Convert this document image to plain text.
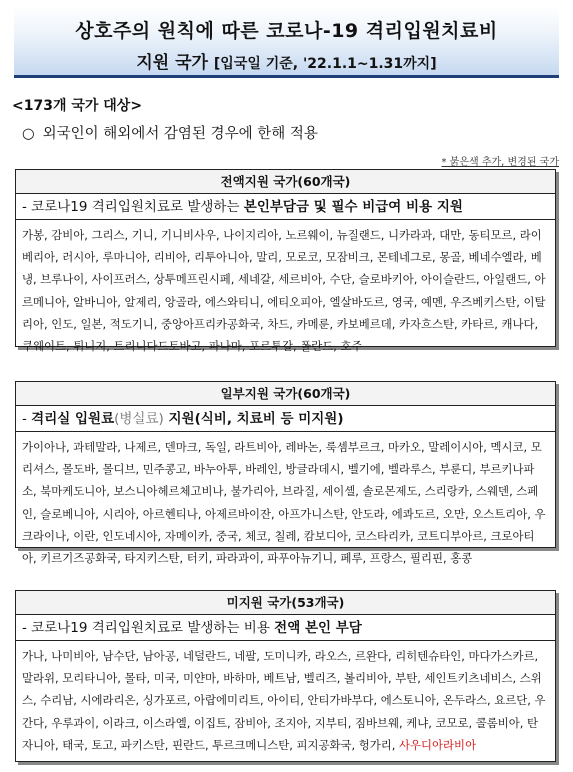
상호주의 원칙에 따른 코로나-19 격리입원치료비
지원 국가 [입국일 기준, '22.1.1~1.31까지]
<173개 국가 대상>
○ 외국인이 해외에서 감염된 경우에 한해 적용
* 붉은색 추가, 변경된 국가
전액지원 국가(60개국)
- 코로나19 격리입원치료로 발생하는 본인부담금 및 필수 비급여 비용 지원
가봉, 감비아, 그리스, 기니, 기니비사우, 나이지리아, 노르웨이, 뉴질랜드, 니카라과, 대만, 동티모르, 라이베리아, 러시아, 루마니아, 리비아, 리투아니아, 말리, 모로코, 모잠비크, 몬테네그로, 몽골, 베네수엘라, 베냉, 브루나이, 사이프러스, 상투메프린시페, 세네갈, 세르비아, 수단, 슬로바키아, 아이슬란드, 아일랜드, 아르메니아, 알바니아, 알제리, 앙골라, 에스와티니, 에티오피아, 엘살바도르, 영국, 예멘, 우즈베키스탄, 이탈리아, 인도, 일본, 적도기니, 중앙아프리카공화국, 차드, 카메룬, 카보베르데, 카자흐스탄, 카타르, 캐나다, 쿠웨이트, 튀니지, 트리니다드토바고, 파나마, 포르투갈, 폴란드, 호주
일부지원 국가(60개국)
- 격리실 입원료(병실료) 지원(식비, 치료비 등 미지원)
가이아나, 과테말라, 나제르, 덴마크, 독일, 라트비아, 레바논, 룩셈부르크, 마카오, 말레이시아, 멕시코, 모리셔스, 몰도바, 몰디브, 민주콩고, 바누아투, 바레인, 방글라데시, 벨기에, 벨라루스, 부룬디, 부르키나파소, 북마케도니아, 보스니아헤르체고비나, 불가리아, 브라질, 세이셸, 솔로몬제도, 스리랑카, 스웨덴, 스페인, 슬로베니아, 시리아, 아르헨티나, 아제르바이잔, 아프가니스탄, 안도라, 에콰도르, 오만, 오스트리아, 우크라이나, 이란, 인도네시아, 자메이카, 중국, 체코, 칠레, 캄보디아, 코스타리카, 코트디부아르, 크로아티아, 키르기즈공화국, 타지키스탄, 터키, 파라과이, 파푸아뉴기니, 페루, 프랑스, 필리핀, 홍콩
미지원 국가(53개국)
- 코로나19 격리입원치료로 발생하는 비용 전액 본인 부담
가나, 나미비아, 남수단, 남아공, 네덜란드, 네팔, 도미니카, 라오스, 르완다, 리히텐슈타인, 마다가스카르, 말라위, 모리타니아, 몰타, 미국, 미얀마, 바하마, 베트남, 벨리즈, 볼리비아, 부탄, 세인트키츠네비스, 스위스, 수리남, 시에라리온, 싱가포르, 아랍에미리트, 아이티, 안티가바부다, 에스토니아, 온두라스, 요르단, 우간다, 우루과이, 이라크, 이스라엘, 이집트, 잠비아, 조지아, 지부티, 짐바브웨, 케냐, 코모로, 콜롬비아, 탄자니아, 태국, 토고, 파키스탄, 핀란드, 투르크메니스탄, 피지공화국, 헝가리, 사우디아라비아
